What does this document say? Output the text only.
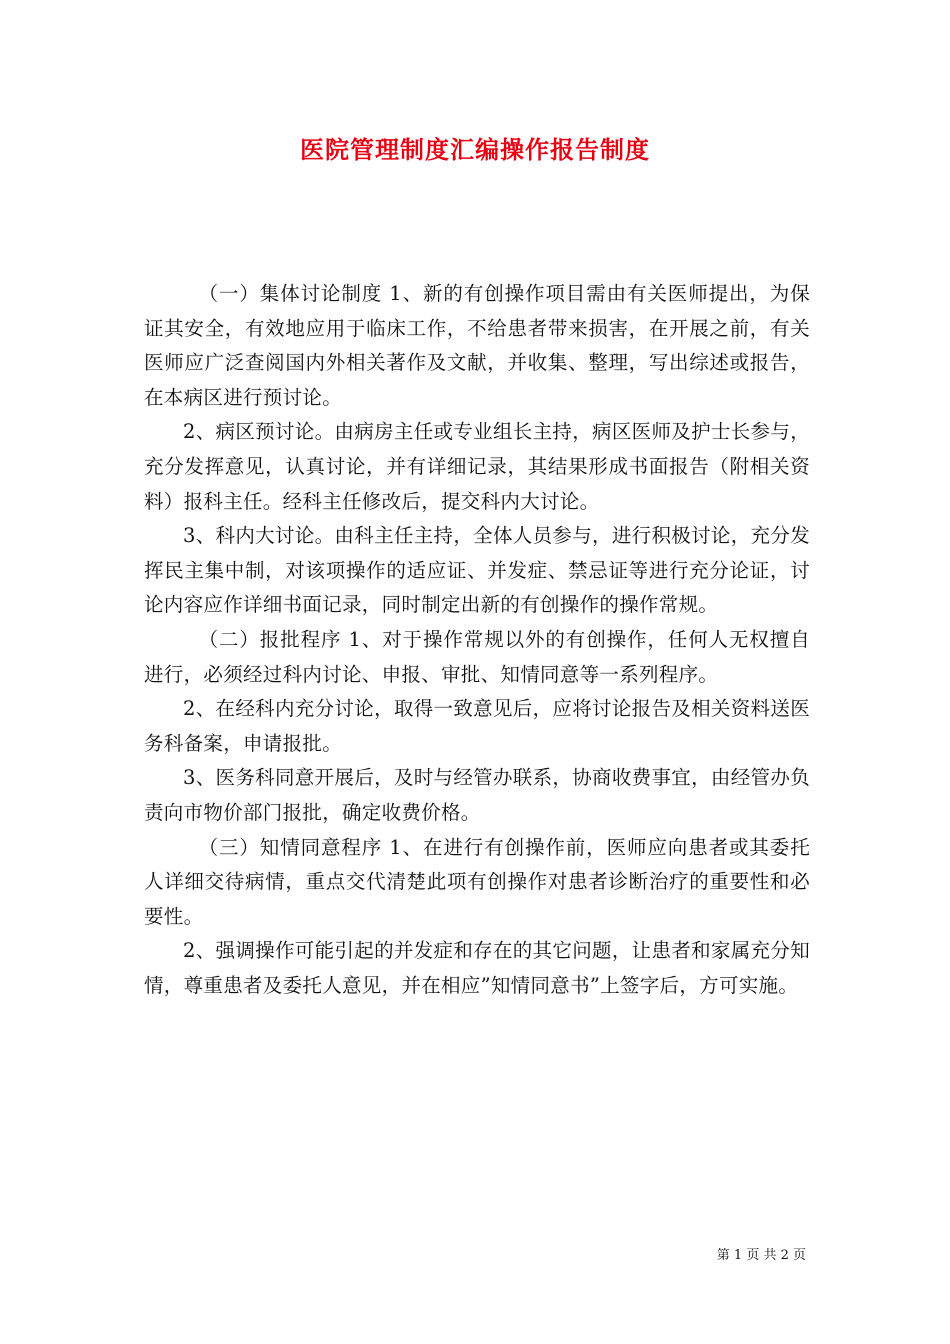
医院管理制度汇编操作报告制度

（一）集体讨论制度 1、新的有创操作项目需由有关医师提出，为保证其安全，有效地应用于临床工作，不给患者带来损害，在开展之前，有关医师应广泛查阅国内外相关著作及文献，并收集、整理，写出综述或报告，在本病区进行预讨论。

2、病区预讨论。由病房主任或专业组长主持，病区医师及护士长参与，充分发挥意见，认真讨论，并有详细记录，其结果形成书面报告（附相关资料）报科主任。经科主任修改后，提交科内大讨论。

3、科内大讨论。由科主任主持，全体人员参与，进行积极讨论，充分发挥民主集中制，对该项操作的适应证、并发症、禁忌证等进行充分论证，讨论内容应作详细书面记录，同时制定出新的有创操作的操作常规。

（二）报批程序 1、对于操作常规以外的有创操作，任何人无权擅自进行，必须经过科内讨论、申报、审批、知情同意等一系列程序。

2、在经科内充分讨论，取得一致意见后，应将讨论报告及相关资料送医务科备案，申请报批。

3、医务科同意开展后，及时与经管办联系，协商收费事宜，由经管办负责向市物价部门报批，确定收费价格。

（三）知情同意程序 1、在进行有创操作前，医师应向患者或其委托人详细交待病情，重点交代清楚此项有创操作对患者诊断治疗的重要性和必要性。

2、强调操作可能引起的并发症和存在的其它问题，让患者和家属充分知情，尊重患者及委托人意见，并在相应”知情同意书”上签字后，方可实施。

第 1 页 共 2 页
